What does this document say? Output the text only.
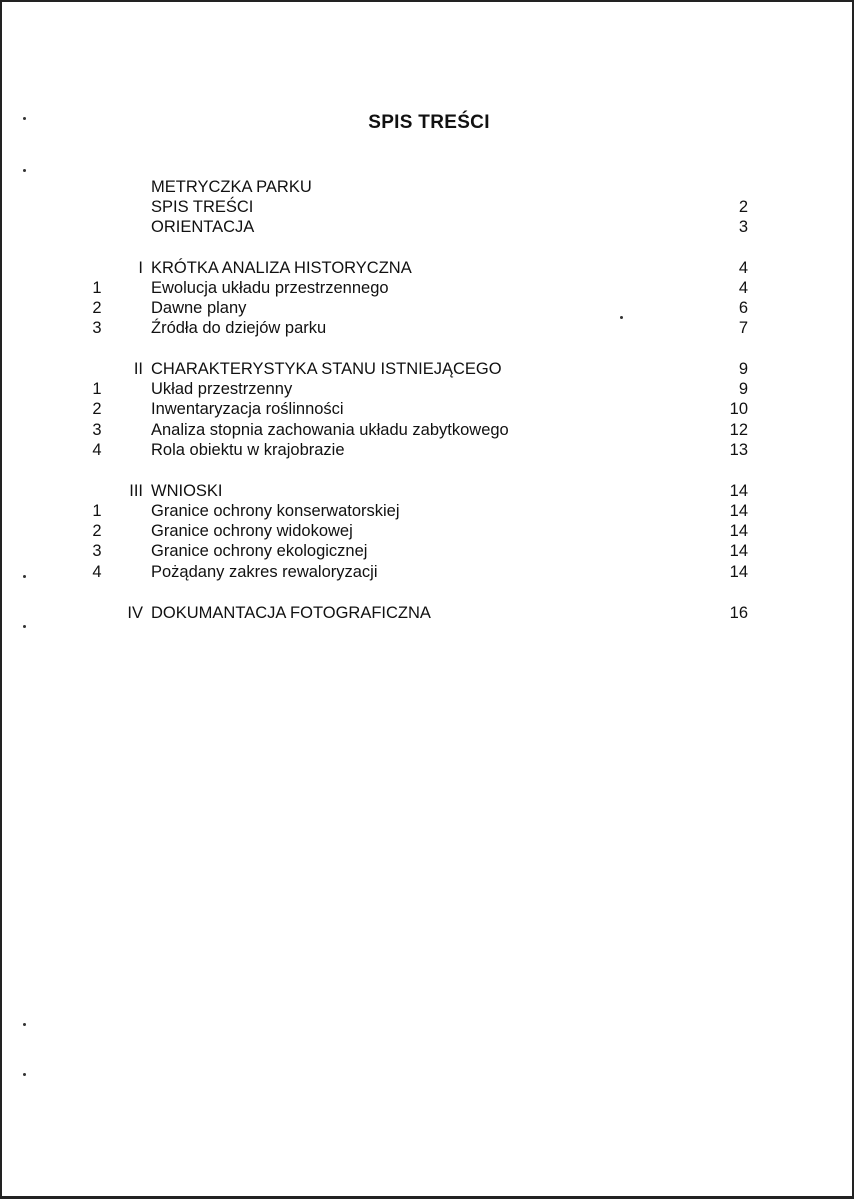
SPIS TREŚCI
METRYCZKA PARKU
SPIS TREŚCI	2
ORIENTACJA	3
I KRÓTKA ANALIZA HISTORYCZNA	4
1	Ewolucja układu przestrzennego	4
2	Dawne plany	6
3	Źródła do dziejów parku	7
II CHARAKTERYSTYKA STANU ISTNIEJĄCEGO	9
1	Układ przestrzenny	9
2	Inwentaryzacja roślinności	10
3	Analiza stopnia zachowania układu zabytkowego	12
4	Rola obiektu w krajobrazie	13
III WNIOSKI	14
1	Granice ochrony konserwatorskiej	14
2	Granice ochrony widokowej	14
3	Granice ochrony ekologicznej	14
4	Pożądany zakres rewaloryzacji	14
IV DOKUMANTACJA FOTOGRAFICZNA	16
